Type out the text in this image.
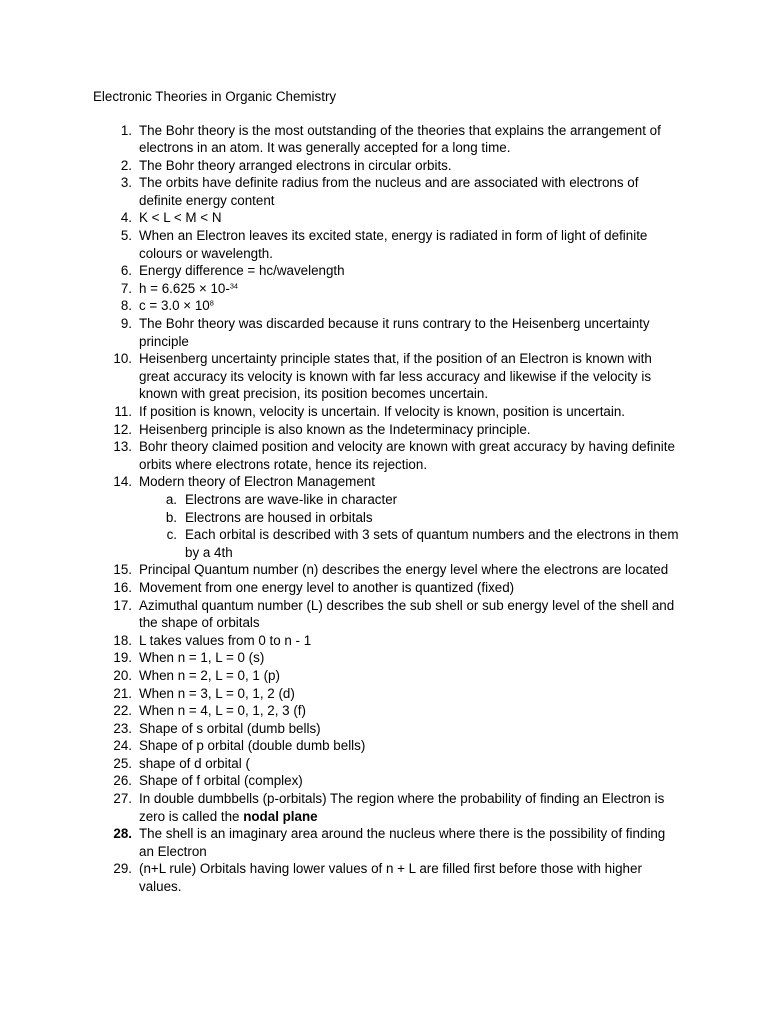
Electronic Theories in Organic Chemistry
1. The Bohr theory is the most outstanding of the theories that explains the arrangement of electrons in an atom. It was generally accepted for a long time.
2. The Bohr theory arranged electrons in circular orbits.
3. The orbits have definite radius from the nucleus and are associated with electrons of definite energy content
4. K < L < M < N
5. When an Electron leaves its excited state, energy is radiated in form of light of definite colours or wavelength.
6. Energy difference = hc/wavelength
7. h = 6.625 × 10-$^{34}$
8. $c = 3.0 \times 10^8$
9. The Bohr theory was discarded because it runs contrary to the Heisenberg uncertainty principle
10. Heisenberg uncertainty principle states that, if the position of an Electron is known with great accuracy its velocity is known with far less accuracy and likewise if the velocity is known with great precision, its position becomes uncertain.
11. If position is known, velocity is uncertain. If velocity is known, position is uncertain.
12. Heisenberg principle is also known as the Indeterminacy principle.
13. Bohr theory claimed position and velocity are known with great accuracy by having definite orbits where electrons rotate, hence its rejection.
14. Modern theory of Electron Management
a. Electrons are wave-like in character
b. Electrons are housed in orbitals
c. Each orbital is described with 3 sets of quantum numbers and the electrons in them by a 4th
15. Principal Quantum number (n) describes the energy level where the electrons are located
16. Movement from one energy level to another is quantized (fixed)
17. Azimuthal quantum number (L) describes the sub shell or sub energy level of the shell and the shape of orbitals
18. L takes values from 0 to n - 1
19. When n = 1, L = 0 (s)
20. When n = 2, L = 0, 1 (p)
21. When n = 3, L = 0, 1, 2 (d)
22. When n = 4, L = 0, 1, 2, 3 (f)
23. Shape of s orbital (dumb bells)
24. Shape of p orbital (double dumb bells)
25. shape of d orbital (
26. Shape of f orbital (complex)
27. In double dumbbells (p-orbitals) The region where the probability of finding an Electron is zero is called the nodal plane
28. The shell is an imaginary area around the nucleus where there is the possibility of finding an Electron
29. (n+L rule) Orbitals having lower values of n + L are filled first before those with higher values.
